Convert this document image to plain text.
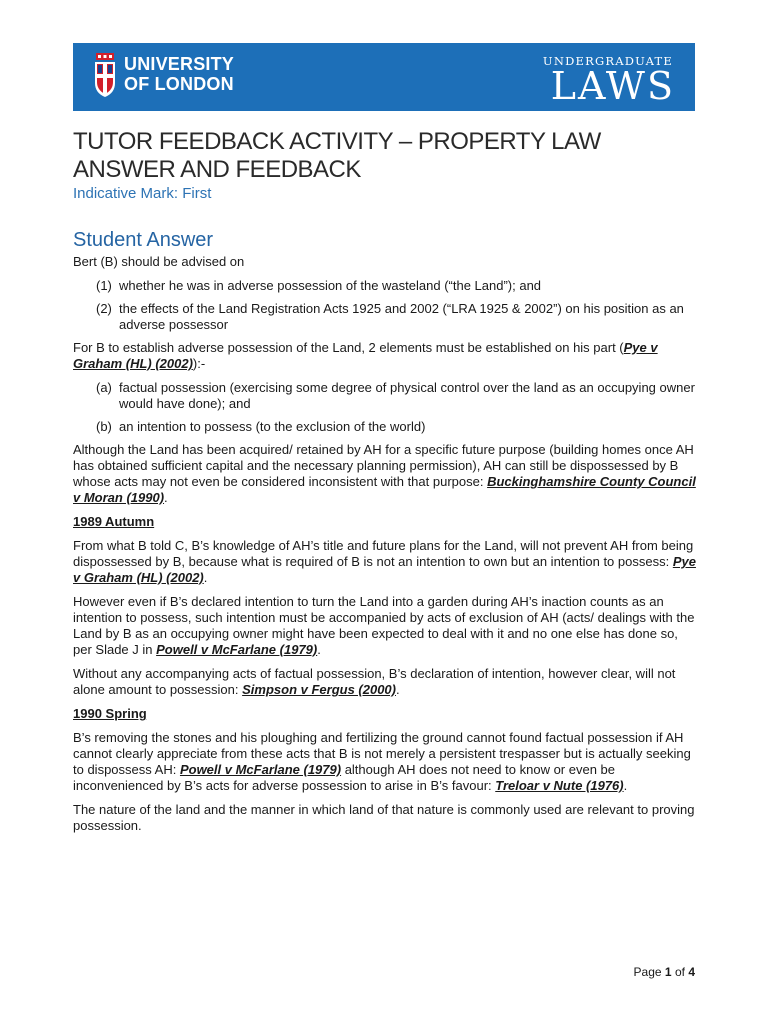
UNIVERSITY
OF LONDON
UNDERGRADUATE
LAWS
TUTOR FEEDBACK ACTIVITY – PROPERTY LAW
ANSWER AND FEEDBACK
Indicative Mark: First
Student Answer
Bert (B) should be advised on
(1) whether he was in adverse possession of the wasteland (“the Land”); and
(2) the effects of the Land Registration Acts 1925 and 2002 (“LRA 1925 & 2002”) on his position as an adverse possessor
For B to establish adverse possession of the Land, 2 elements must be established on his part (Pye v Graham (HL) (2002)):-
(a) factual possession (exercising some degree of physical control over the land as an occupying owner would have done); and
(b) an intention to possess (to the exclusion of the world)
Although the Land has been acquired/ retained by AH for a specific future purpose (building homes once AH has obtained sufficient capital and the necessary planning permission), AH can still be dispossessed by B whose acts may not even be considered inconsistent with that purpose: Buckinghamshire County Council v Moran (1990).
1989 Autumn
From what B told C, B’s knowledge of AH’s title and future plans for the Land, will not prevent AH from being dispossessed by B, because what is required of B is not an intention to own but an intention to possess: Pye v Graham (HL) (2002).
However even if B’s declared intention to turn the Land into a garden during AH’s inaction counts as an intention to possess, such intention must be accompanied by acts of exclusion of AH (acts/ dealings with the Land by B as an occupying owner might have been expected to deal with it and no one else has done so, per Slade J in Powell v McFarlane (1979).
Without any accompanying acts of factual possession, B’s declaration of intention, however clear, will not alone amount to possession: Simpson v Fergus (2000).
1990 Spring
B’s removing the stones and his ploughing and fertilizing the ground cannot found factual possession if AH cannot clearly appreciate from these acts that B is not merely a persistent trespasser but is actually seeking to dispossess AH: Powell v McFarlane (1979) although AH does not need to know or even be inconvenienced by B’s acts for adverse possession to arise in B’s favour: Treloar v Nute (1976).
The nature of the land and the manner in which land of that nature is commonly used are relevant to proving possession.
Page 1 of 4
